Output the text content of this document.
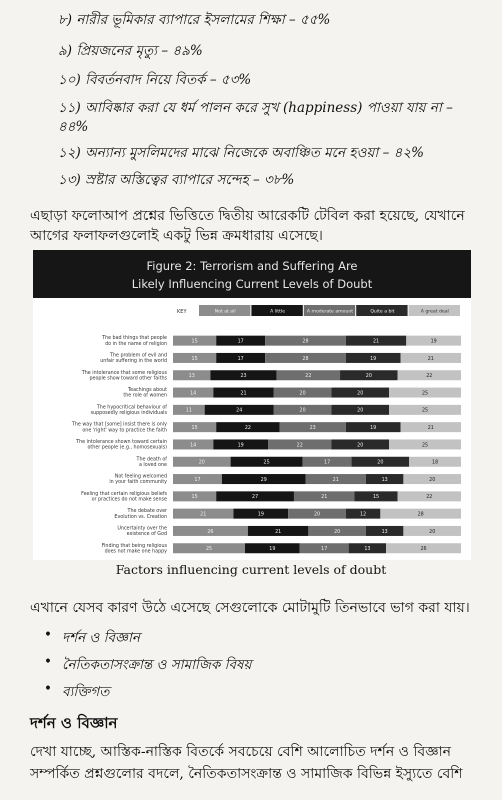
৮) নারীর ভূমিকার ব্যাপারে ইসলামের শিক্ষা – ৫৫%
৯) প্রিয়জনের মৃত্যু – ৪৯%
১০) বিবর্তনবাদ নিয়ে বিতর্ক – ৫৩%
১১) আবিষ্কার করা যে ধর্ম পালন করে সুখ (happiness) পাওয়া যায় না –
৪৪%
১২) অন্যান্য মুসলিমদের মাঝে নিজেকে অবাঞ্চিত মনে হওয়া – ৪২%
১৩) স্রষ্টার অস্তিত্বের ব্যাপারে সন্দেহ – ৩৮%
এছাড়া ফলোআপ প্রশ্নের ভিত্তিতে দ্বিতীয় আরেকটি টেবিল করা হয়েছে, যেখানে
আগের ফলাফলগুলোই একটু ভিন্ন ক্রমধারায় এসেছে।
Figure 2: Terrorism and Suffering Are
Likely Influencing Current Levels of Doubt
KEY	Not at all	A little	A moderate amount	Quite a bit	A great deal
The bad things that people
do in the name of religion	15	17	28	21	19
The problem of evil and
unfair suffering in the world	15	17	28	19	21
The intolerance that some religious
people show toward other faiths	13	23	22	20	22
Teachings about
the role of women	14	21	20	20	25
The hypocritical behaviour of
supposedly religious individuals	11	24	20	20	25
The way that [some] insist there is only
one 'right' way to practice the faith	15	22	23	19	21
The intolerance shown toward certain
other people (e.g., homosexuals)	14	19	22	20	25
The death of
a loved one	20	25	17	20	18
Not feeling welcomed
in your faith community	17	29	21	13	20
Feeling that certain religious beliefs
or practices do not make sense	15	27	21	15	22
The debate over
Evolution vs. Creation	21	19	20	12	28
Uncertainty over the
existence of God	26	21	20	13	20
Finding that being religious
does not make one happy	25	19	17	13	26
Factors influencing current levels of doubt
এখানে যেসব কারণ উঠে এসেছে সেগুলোকে মোটামুটি তিনভাবে ভাগ করা যায়।
• দর্শন ও বিজ্ঞান
• নৈতিকতাসংক্রান্ত ও সামাজিক বিষয়
• ব্যক্তিগত
দর্শন ও বিজ্ঞান
দেখা যাচ্ছে, আস্তিক-নাস্তিক বিতর্কে সবচেয়ে বেশি আলোচিত দর্শন ও বিজ্ঞান
সম্পর্কিত প্রশ্নগুলোর বদলে, নৈতিকতাসংক্রান্ত ও সামাজিক বিভিন্ন ইস্যুতে বেশি
